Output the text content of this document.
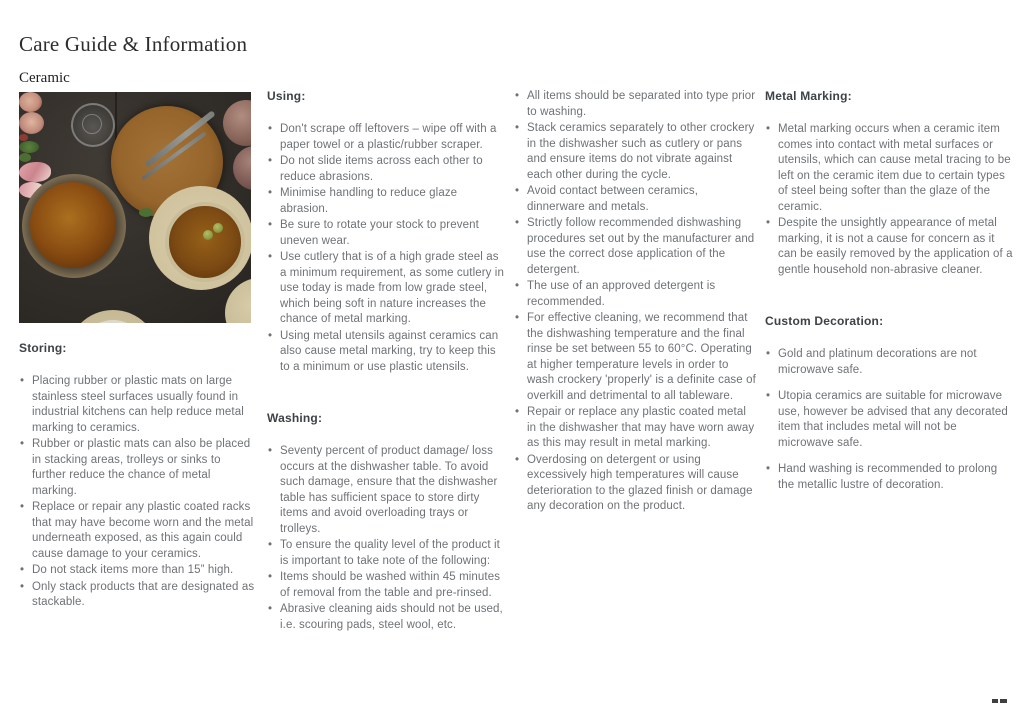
Care Guide & Information
Ceramic
Storing:
• Placing rubber or plastic mats on large stainless steel surfaces usually found in industrial kitchens can help reduce metal marking to ceramics.
• Rubber or plastic mats can also be placed in stacking areas, trolleys or sinks to further reduce the chance of metal marking.
• Replace or repair any plastic coated racks that may have become worn and the metal underneath exposed, as this again could cause damage to your ceramics.
• Do not stack items more than 15” high.
• Only stack products that are designated as stackable.
Using:
• Don't scrape off leftovers – wipe off with a paper towel or a plastic/rubber scraper.
• Do not slide items across each other to reduce abrasions.
• Minimise handling to reduce glaze abrasion.
• Be sure to rotate your stock to prevent uneven wear.
• Use cutlery that is of a high grade steel as a minimum requirement, as some cutlery in use today is made from low grade steel, which being soft in nature increases the chance of metal marking.
• Using metal utensils against ceramics can also cause metal marking, try to keep this to a minimum or use plastic utensils.
Washing:
• Seventy percent of product damage/ loss occurs at the dishwasher table. To avoid such damage, ensure that the dishwasher table has sufficient space to store dirty items and avoid overloading trays or trolleys.
• To ensure the quality level of the product it is important to take note of the following:
• Items should be washed within 45 minutes of removal from the table and pre-rinsed.
• Abrasive cleaning aids should not be used, i.e. scouring pads, steel wool, etc.
• All items should be separated into type prior to washing.
• Stack ceramics separately to other crockery in the dishwasher such as cutlery or pans and ensure items do not vibrate against each other during the cycle.
• Avoid contact between ceramics, dinnerware and metals.
• Strictly follow recommended dishwashing procedures set out by the manufacturer and use the correct dose application of the detergent.
• The use of an approved detergent is recommended.
• For effective cleaning, we recommend that the dishwashing temperature and the final rinse be set between 55 to 60°C. Operating at higher temperature levels in order to wash crockery 'properly' is a definite case of overkill and detrimental to all tableware.
• Repair or replace any plastic coated metal in the dishwasher that may have worn away as this may result in metal marking.
• Overdosing on detergent or using excessively high temperatures will cause deterioration to the glazed finish or damage any decoration on the product.
Metal Marking:
• Metal marking occurs when a ceramic item comes into contact with metal surfaces or utensils, which can cause metal tracing to be left on the ceramic item due to certain types of steel being softer than the glaze of the ceramic.
• Despite the unsightly appearance of metal marking, it is not a cause for concern as it can be easily removed by the application of a gentle household non-abrasive cleaner.
Custom Decoration:
• Gold and platinum decorations are not microwave safe.
• Utopia ceramics are suitable for microwave use, however be advised that any decorated item that includes metal will not be microwave safe.
• Hand washing is recommended to prolong the metallic lustre of decoration.
